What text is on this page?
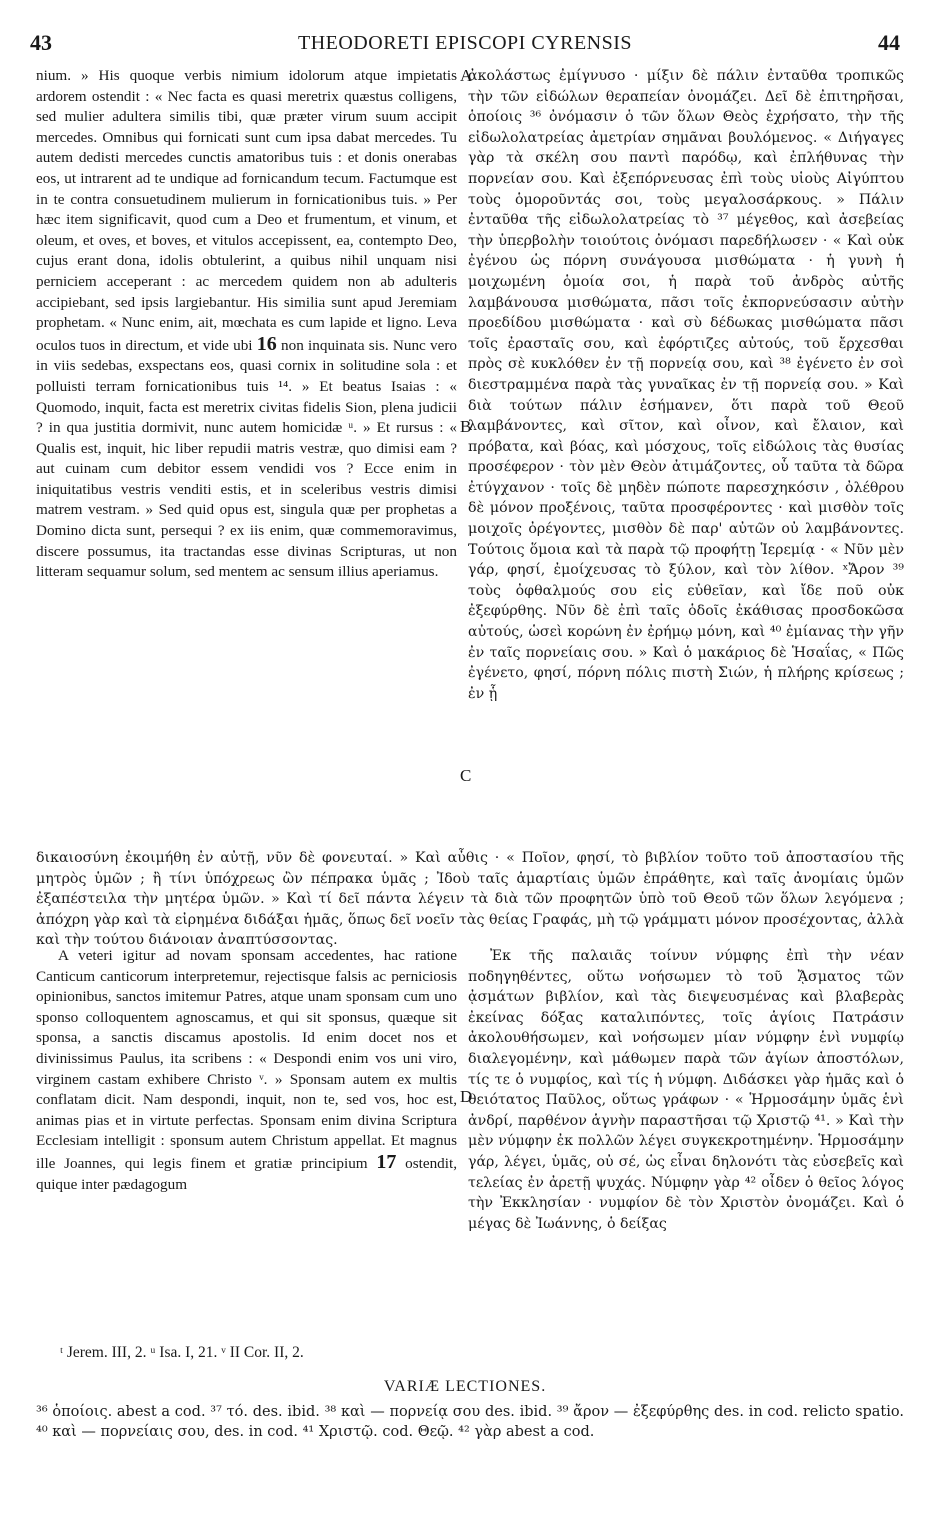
43	THEODORETI EPISCOPI CYRENSIS	44

nium. » His quoque verbis nimium idolorum atque impietatis ardorem ostendit : « Nec facta es quasi meretrix quæstus colligens, sed mulier adultera similis tibi, quæ præter virum suum accipit mercedes. Omnibus qui fornicati sunt cum ipsa dabat mercedes. Tu autem dedisti mercedes cunctis amatoribus tuis : et donis onerabas eos, ut intrarent ad te undique ad fornicandum tecum. Factumque est in te contra consuetudinem mulierum in fornicationibus tuis. » Per hæc item significavit, quod cum a Deo et frumentum, et vinum, et oleum, et oves, et boves, et vitulos accepissent, ea, contempto Deo, cujus erant dona, idolis obtulerint, a quibus nihil unquam nisi perniciem acceperant : ac mercedem quidem non ab adulteris accipiebant, sed ipsis largiebantur. His similia sunt apud Jeremiam prophetam. « Nunc enim, ait, mœchata es cum lapide et ligno. Leva oculos tuos in directum, et vide ubi 16 non inquinata sis. Nunc vero in viis sedebas, exspectans eos, quasi cornix in solitudine sola : et polluisti terram fornicationibus tuis ¹⁴. » Et beatus Isaias : « Quomodo, inquit, facta est meretrix civitas fidelis Sion, plena judicii ? in qua justitia dormivit, nunc autem homicidæ ᵘ. » Et rursus : « Qualis est, inquit, hic liber repudii matris vestræ, quo dimisi eam ? aut cuinam cum debitor essem vendidi vos ? Ecce enim in iniquitatibus vestris venditi estis, et in sceleribus vestris dimisi matrem vestram. » Sed quid opus est, singula quæ per prophetas a Domino dicta sunt, persequi ? ex iis enim, quæ commemoravimus, discere possumus, ita tractandas esse divinas Scripturas, ut non litteram sequamur solum, sed mentem ac sensum illius aperiamus.

ἀκολάστως ἐμίγνυσο · μίξιν δὲ πάλιν ἐνταῦθα τροπικῶς τὴν τῶν εἰδώλων θεραπείαν ὀνομάζει. Δεῖ δὲ ἐπιτηρῆσαι, ὁποίοις ³⁶ ὀνόμασιν ὁ τῶν ὅλων Θεὸς ἐχρήσατο, τὴν τῆς εἰδωλολατρείας ἀμετρίαν σημᾶναι βουλόμενος. « Διήγαγες γὰρ τὰ σκέλη σου παντὶ παρόδῳ, καὶ ἐπλήθυνας τὴν πορνείαν σου. Καὶ ἐξεπόρνευσας ἐπὶ τοὺς υἱοὺς Αἰγύπτου τοὺς ὁμοροῦντάς σοι, τοὺς μεγαλοσάρκους. » Πάλιν ἐνταῦθα τῆς εἰδωλολατρείας τὸ ³⁷ μέγεθος, καὶ ἀσεβείας τὴν ὑπερβολὴν τοιούτοις ὀνόμασι παρεδήλωσεν · « Καὶ οὐκ ἐγένου ὡς πόρνη συνάγουσα μισθώματα · ἡ γυνὴ ἡ μοιχωμένη ὁμοία σοι, ἡ παρὰ τοῦ ἀνδρὸς αὐτῆς λαμβάνουσα μισθώματα, πᾶσι τοῖς ἐκπορνεύσασιν αὐτὴν προεδίδου μισθώματα · καὶ σὺ δέδωκας μισθώματα πᾶσι τοῖς ἐρασταῖς σου, καὶ ἐφόρτιζες αὐτούς, τοῦ ἔρχεσθαι πρὸς σὲ κυκλόθεν ἐν τῇ πορνείᾳ σου, καὶ ³⁸ ἐγένετο ἐν σοὶ διεστραμμένα παρὰ τὰς γυναῖκας ἐν τῇ πορνείᾳ σου. » Καὶ διὰ τούτων πάλιν ἐσήμανεν, ὅτι παρὰ τοῦ Θεοῦ λαμβάνοντες, καὶ σῖτον, καὶ οἶνον, καὶ ἔλαιον, καὶ πρόβατα, καὶ βόας, καὶ μόσχους, τοῖς εἰδώλοις τὰς θυσίας προσέφερον · τὸν μὲν Θεὸν ἀτιμάζοντες, οὗ ταῦτα τὰ δῶρα ἐτύγχανον · τοῖς δὲ μηδὲν πώποτε παρεσχηκόσιν , ὀλέθρου δὲ μόνον προξένοις, ταῦτα προσφέροντες · καὶ μισθὸν τοῖς μοιχοῖς ὀρέγοντες, μισθὸν δὲ παρ' αὐτῶν οὐ λαμβάνοντες. Τούτοις ὅμοια καὶ τὰ παρὰ τῷ προφήτῃ Ἱερεμίᾳ · « Νῦν μὲν γάρ, φησί, ἐμοίχευσας τὸ ξύλον, καὶ τὸν λίθον. ˣἌρον ³⁹ τοὺς ὀφθαλμούς σου εἰς εὐθεῖαν, καὶ ἴδε ποῦ οὐκ ἐξεφύρθης. Νῦν δὲ ἐπὶ ταῖς ὁδοῖς ἐκάθισας προσδοκῶσα αὐτούς, ὡσεὶ κορώνη ἐν ἐρήμῳ μόνη, καὶ ⁴⁰ ἐμίανας τὴν γῆν ἐν ταῖς πορνείαις σου. » Καὶ ὁ μακάριος δὲ Ἡσαΐας, « Πῶς ἐγένετο, φησί, πόρνη πόλις πιστὴ Σιών, ἡ πλήρης κρίσεως ; ἐν ᾗ

A
B
C
D

δικαιοσύνη ἐκοιμήθη ἐν αὐτῇ, νῦν δὲ φονευταί. » Καὶ αὖθις · « Ποῖον, φησί, τὸ βιβλίον τοῦτο τοῦ ἀποστασίου τῆς μητρὸς ὑμῶν ; ἢ τίνι ὑπόχρεως ὢν πέπρακα ὑμᾶς ; Ἰδοὺ ταῖς ἁμαρτίαις ὑμῶν ἐπράθητε, καὶ ταῖς ἀνομίαις ὑμῶν ἐξαπέστειλα τὴν μητέρα ὑμῶν. » Καὶ τί δεῖ πάντα λέγειν τὰ διὰ τῶν προφητῶν ὑπὸ τοῦ Θεοῦ τῶν ὅλων λεγόμενα ; ἀπόχρη γὰρ καὶ τὰ εἰρημένα διδάξαι ἡμᾶς, ὅπως δεῖ νοεῖν τὰς θείας Γραφάς, μὴ τῷ γράμματι μόνον προσέχοντας, ἀλλὰ καὶ τὴν τούτου διάνοιαν ἀναπτύσσοντας.

A veteri igitur ad novam sponsam accedentes, hac ratione Canticum canticorum interpretemur, rejectisque falsis ac perniciosis opinionibus, sanctos imitemur Patres, atque unam sponsam cum uno sponso colloquentem agnoscamus, et qui sit sponsus, quæque sit sponsa, a sanctis discamus apostolis. Id enim docet nos et divinissimus Paulus, ita scribens : « Despondi enim vos uni viro, virginem castam exhibere Christo ᵛ. » Sponsam autem ex multis conflatam dicit. Nam despondi, inquit, non te, sed vos, hoc est, animas pias et in virtute perfectas. Sponsam enim divina Scriptura Ecclesiam intelligit : sponsum autem Christum appellat. Et magnus ille Joannes, qui legis finem et gratiæ principium 17 ostendit, quique inter pædagogum

Ἐκ τῆς παλαιᾶς τοίνυν νύμφης ἐπὶ τὴν νέαν ποδηγηθέντες, οὕτω νοήσωμεν τὸ τοῦ ᾌσματος τῶν ᾀσμάτων βιβλίον, καὶ τὰς διεψευσμένας καὶ βλαβερὰς ἐκείνας δόξας καταλιπόντες, τοῖς ἁγίοις Πατράσιν ἀκολουθήσωμεν, καὶ νοήσωμεν μίαν νύμφην ἑνὶ νυμφίῳ διαλεγομένην, καὶ μάθωμεν παρὰ τῶν ἁγίων ἀποστόλων, τίς τε ὁ νυμφίος, καὶ τίς ἡ νύμφη. Διδάσκει γὰρ ἡμᾶς καὶ ὁ θειότατος Παῦλος, οὕτως γράφων · « Ἡρμοσάμην ὑμᾶς ἑνὶ ἀνδρί, παρθένον ἁγνὴν παραστῆσαι τῷ Χριστῷ ⁴¹. » Καὶ τὴν μὲν νύμφην ἐκ πολλῶν λέγει συγκεκροτημένην. Ἡρμοσάμην γάρ, λέγει, ὑμᾶς, οὐ σέ, ὡς εἶναι δηλονότι τὰς εὐσεβεῖς καὶ τελείας ἐν ἀρετῇ ψυχάς. Νύμφην γὰρ ⁴² οἶδεν ὁ θεῖος λόγος τὴν Ἐκκλησίαν · νυμφίον δὲ τὸν Χριστὸν ὀνομάζει. Καὶ ὁ μέγας δὲ Ἰωάννης, ὁ δείξας

ᵗ Jerem. III, 2. ᵘ Isa. I, 21. ᵛ II Cor. II, 2.
VARIÆ LECTIONES.
³⁶ ὁποίοις. abest a cod. ³⁷ τό. des. ibid. ³⁸ καὶ — πορνείᾳ σου des. ibid. ³⁹ ἄρον — ἐξεφύρθης des. in cod. relicto spatio. ⁴⁰ καὶ — πορνείαις σου, des. in cod. ⁴¹ Χριστῷ. cod. Θεῷ. ⁴² γὰρ abest a cod.
